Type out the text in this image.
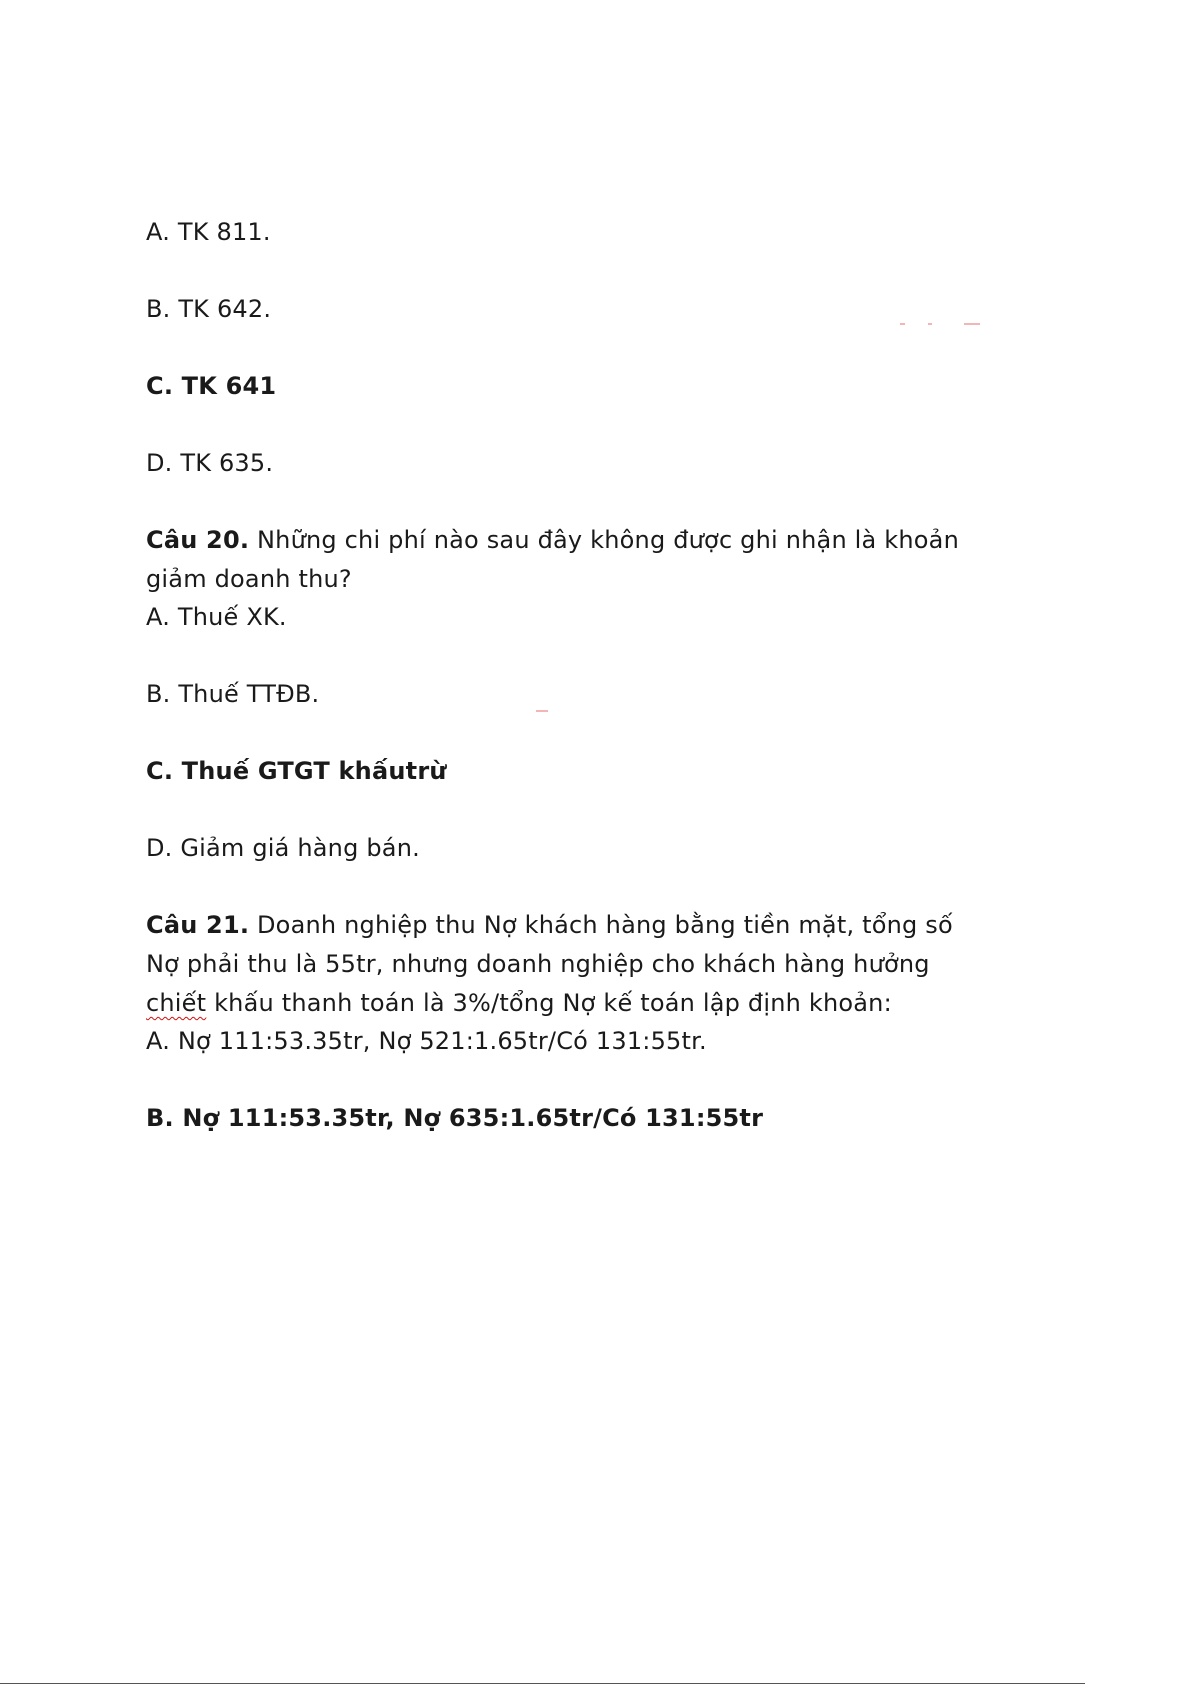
A. TK 811.
B. TK 642.
C. TK 641
D. TK 635.
Câu 20. Những chi phí nào sau đây không được ghi nhận là khoản
giảm doanh thu?
A. Thuế XK.
B. Thuế TTĐB.
C. Thuế GTGT khấutrừ
D. Giảm giá hàng bán.
Câu 21. Doanh nghiệp thu Nợ khách hàng bằng tiền mặt, tổng số
Nợ phải thu là 55tr, nhưng doanh nghiệp cho khách hàng hưởng
chiết khấu thanh toán là 3%/tổng Nợ kế toán lập định khoản:
A. Nợ 111:53.35tr, Nợ 521:1.65tr/Có 131:55tr.
B. Nợ 111:53.35tr, Nợ 635:1.65tr/Có 131:55tr
